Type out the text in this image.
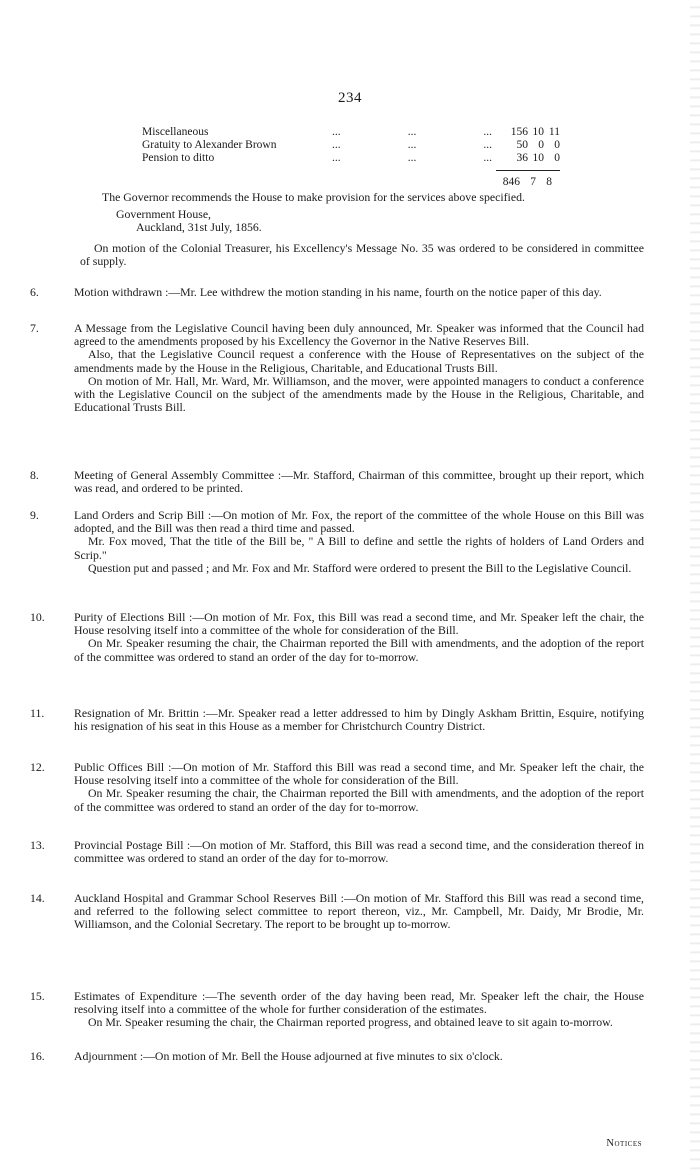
234
Miscellaneous	...	...	...	156 10 11
Gratuity to Alexander Brown	...	...	...	50 0 0
Pension to ditto	...	...	...	36 10 0
846 7 8
The Governor recommends the House to make provision for the services above specified.
Government House,
Auckland, 31st July, 1856.
On motion of the Colonial Treasurer, his Excellency's Message No. 35 was ordered to be considered in committee of supply.

6.	Motion withdrawn :—Mr. Lee withdrew the motion standing in his name, fourth on the notice paper of this day.

7.	A Message from the Legislative Council having been duly announced, Mr. Speaker was informed that the Council had agreed to the amendments proposed by his Excellency the Governor in the Native Reserves Bill.

Also, that the Legislative Council request a conference with the House of Representatives on the subject of the amendments made by the House in the Religious, Charitable, and Educational Trusts Bill.

On motion of Mr. Hall, Mr. Ward, Mr. Williamson, and the mover, were appointed managers to conduct a conference with the Legislative Council on the subject of the amendments made by the House in the Religious, Charitable, and Educational Trusts Bill.

8.	Meeting of General Assembly Committee :—Mr. Stafford, Chairman of this committee, brought up their report, which was read, and ordered to be printed.

9.	Land Orders and Scrip Bill :—On motion of Mr. Fox, the report of the committee of the whole House on this Bill was adopted, and the Bill was then read a third time and passed.

Mr. Fox moved, That the title of the Bill be, " A Bill to define and settle the rights of holders of Land Orders and Scrip."

Question put and passed ; and Mr. Fox and Mr. Stafford were ordered to present the Bill to the Legislative Council.

10. Purity of Elections Bill :—On motion of Mr. Fox, this Bill was read a second time, and Mr. Speaker left the chair, the House resolving itself into a committee of the whole for consideration of the Bill.

On Mr. Speaker resuming the chair, the Chairman reported the Bill with amendments, and the adoption of the report of the committee was ordered to stand an order of the day for to-morrow.

11.	Resignation of Mr. Brittin :—Mr. Speaker read a letter addressed to him by Dingly Askham Brittin, Esquire, notifying his resignation of his seat in this House as a member for Christchurch Country District.

12. Public Offices Bill :—On motion of Mr. Stafford this Bill was read a second time, and Mr. Speaker left the chair, the House resolving itself into a committee of the whole for consideration of the Bill.

On Mr. Speaker resuming the chair, the Chairman reported the Bill with amendments, and the adoption of the report of the committee was ordered to stand an order of the day for to-morrow.

13. Provincial Postage Bill :—On motion of Mr. Stafford, this Bill was read a second time, and the consideration thereof in committee was ordered to stand an order of the day for to-morrow.

14. Auckland Hospital and Grammar School Reserves Bill :—On motion of Mr. Stafford this Bill was read a second time, and referred to the following select committee to report thereon, viz., Mr. Campbell, Mr. Daidy, Mr Brodie, Mr. Williamson, and the Colonial Secretary. The report to be brought up to-morrow.

15. Estimates of Expenditure :—The seventh order of the day having been read, Mr. Speaker left the chair, the House resolving itself into a committee of the whole for further consideration of the estimates.

On Mr. Speaker resuming the chair, the Chairman reported progress, and obtained leave to sit again to-morrow.

16. Adjournment :—On motion of Mr. Bell the House adjourned at five minutes to six o'clock.

Notices
